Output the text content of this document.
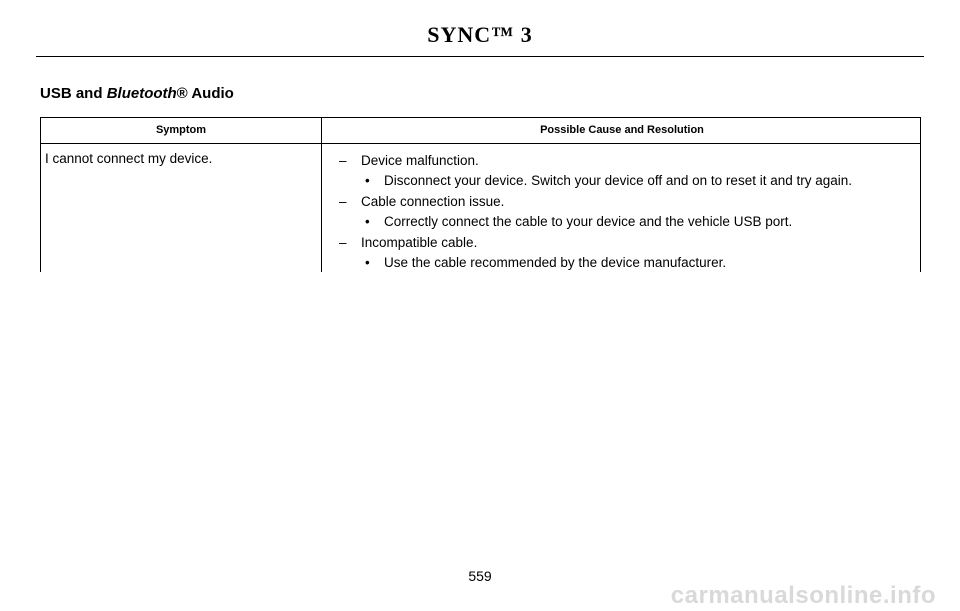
SYNC™ 3
USB and Bluetooth® Audio
Symptom	Possible Cause and Resolution
I cannot connect my device.	–	Device malfunction.
• Disconnect your device. Switch your device off and on to reset it and try again.
–	Cable connection issue.
• Correctly connect the cable to your device and the vehicle USB port.
–	Incompatible cable.
• Use the cable recommended by the device manufacturer.
559
carmanualsonline.info
